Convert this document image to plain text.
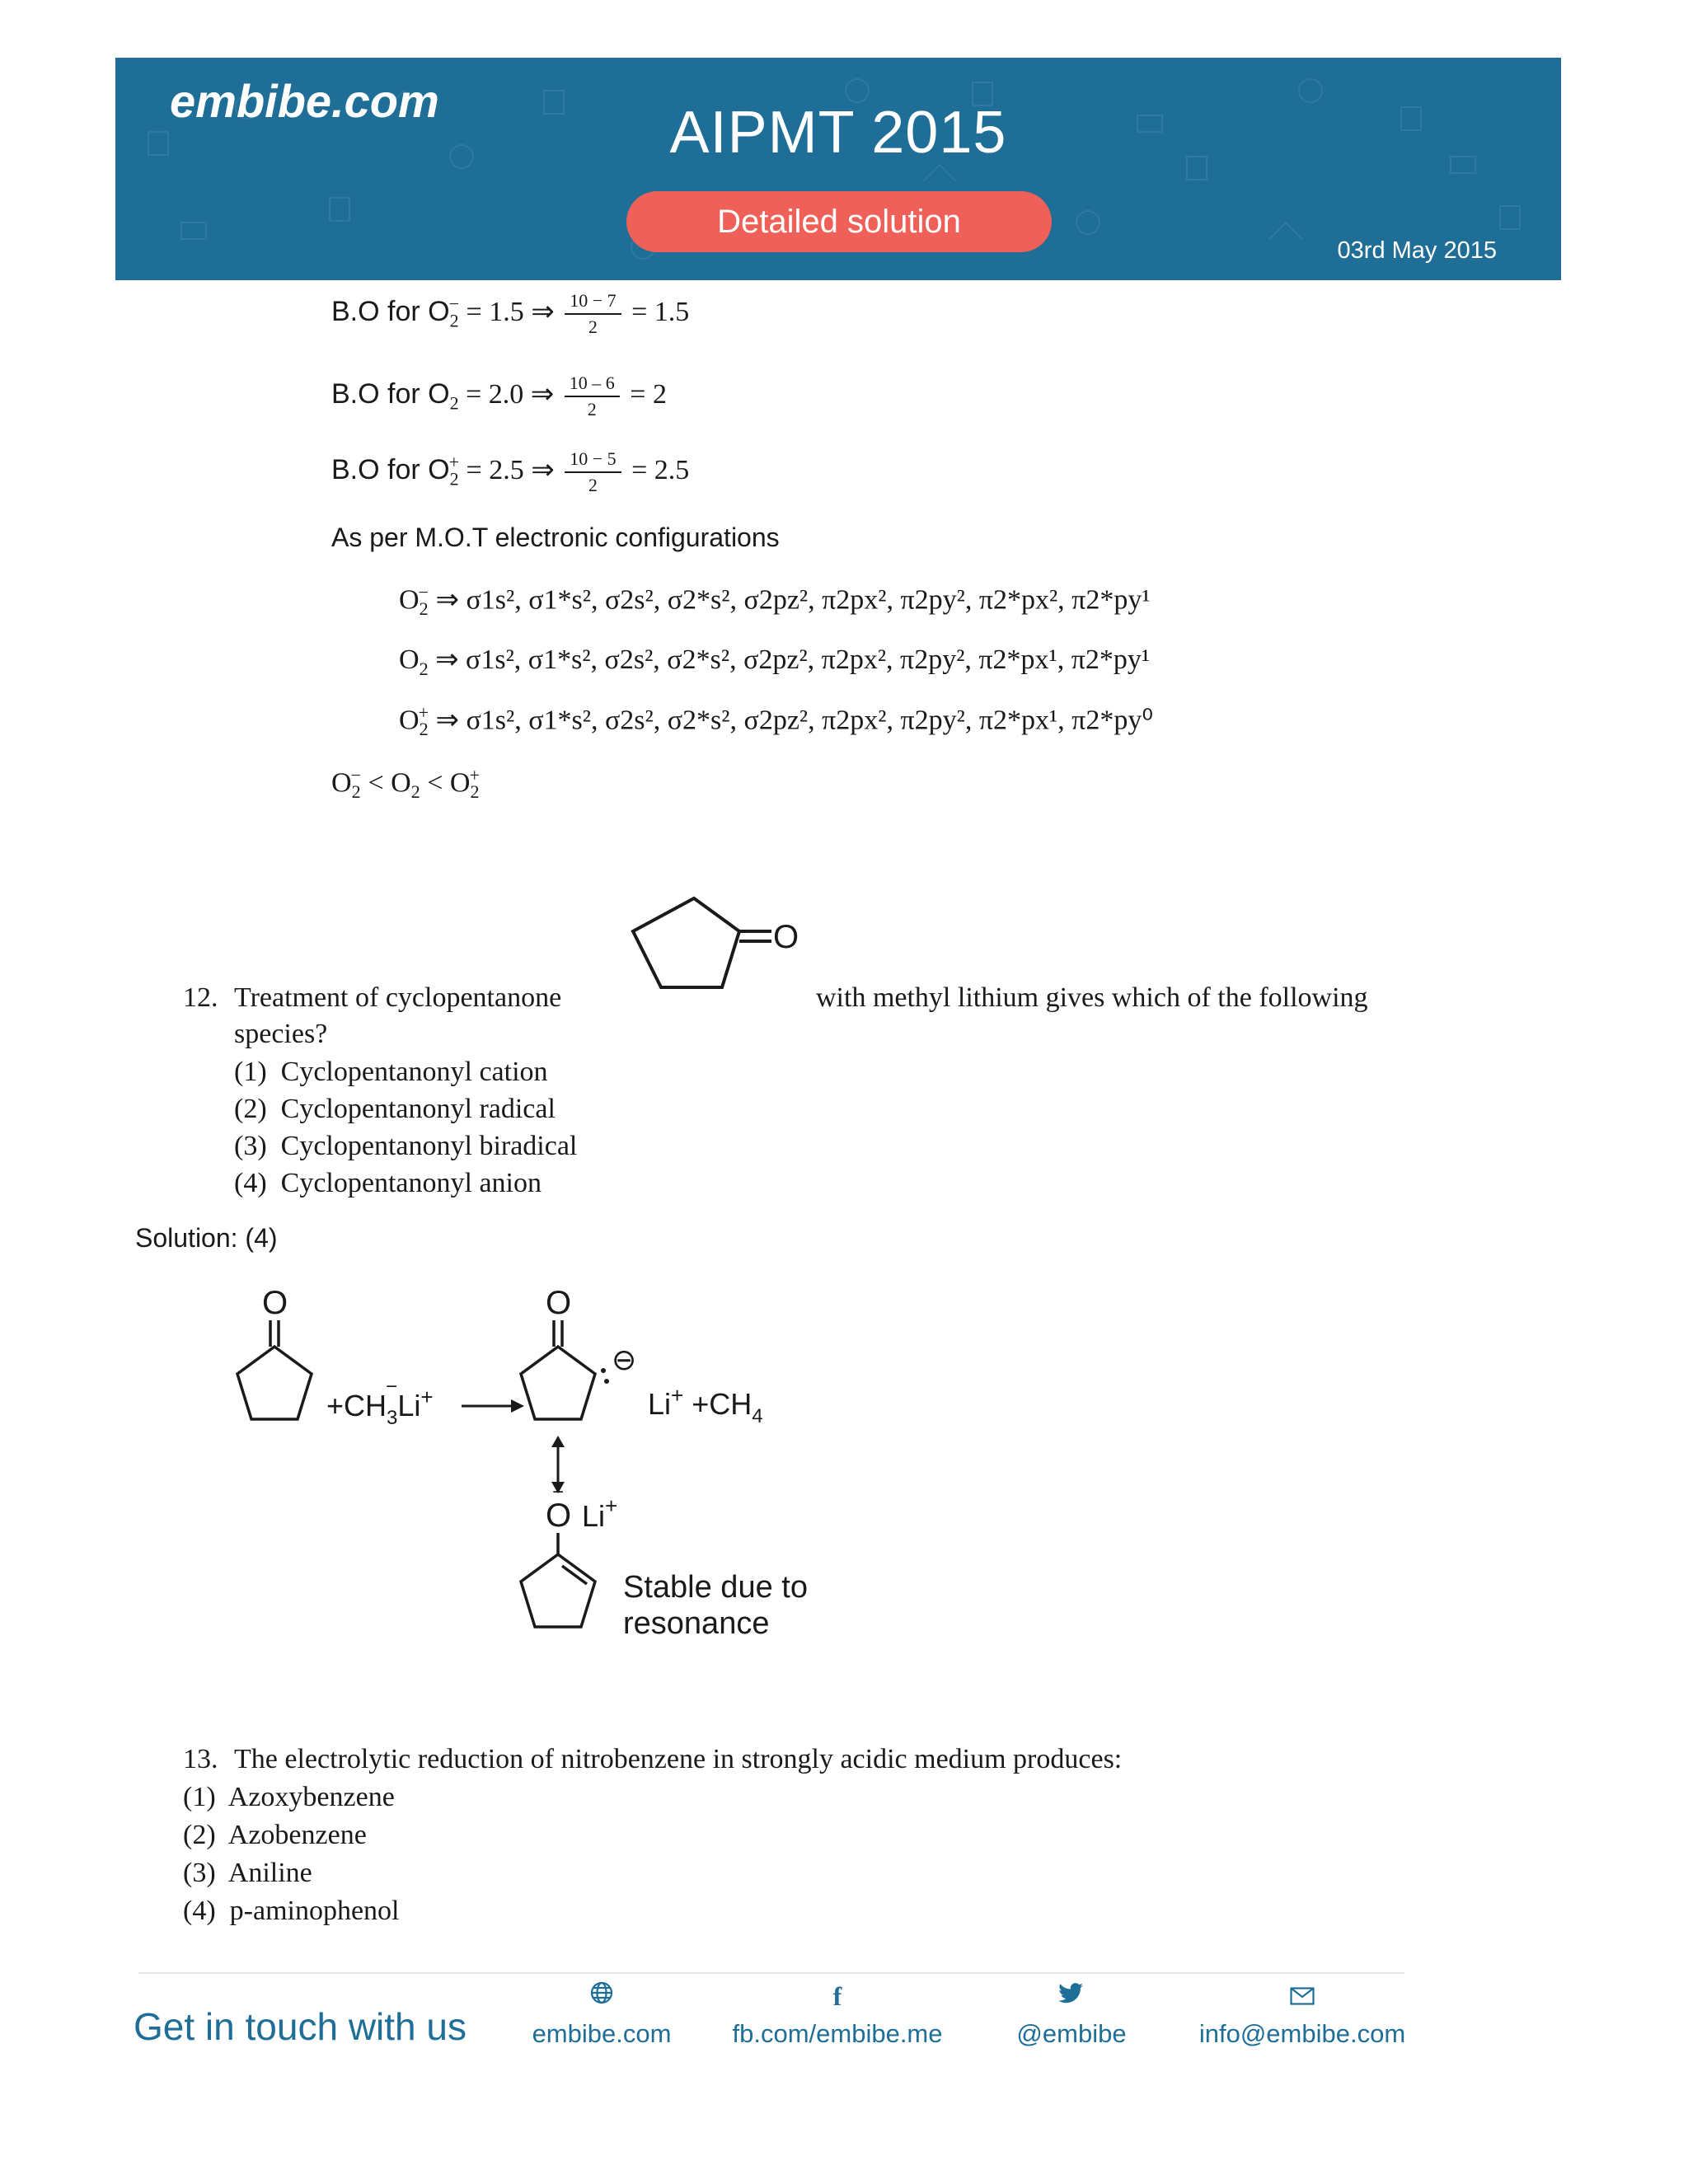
embibe.com	AIPMT 2015
Detailed solution
03rd May 2015
B.O for $O_2^- = 1.5$ ⇒ $\frac{10 - 7}{2} = 1.5$
B.O for $O_2 = 2.0$ ⇒ $\frac{10 - 6}{2} = 2$
B.O for $O_2^+ = 2.5$ ⇒ $\frac{10 - 5}{2} = 2.5$
As per M.O.T electronic configurations
$O_2^-$ ⇒ σ1s², σ1*s², σ2s², σ2*s², σ2pz², π2px², π2py², π2*px², π2*py¹
$O_2$ ⇒ σ1s², σ1*s², σ2s², σ2*s², σ2pz², π2px², π2py², π2*px¹, π2*py¹
$O_2^+$ ⇒ σ1s², σ1*s², σ2s², σ2*s², σ2pz², π2px², π2py², π2*px¹, π2*py⁰
$O_2^- < O_2 < O_2^+$
O
12. Treatment of cyclopentanone	with methyl lithium gives which of the following
species?
(1) Cyclopentanonyl cation
(2) Cyclopentanonyl radical
(3) Cyclopentanonyl biradical
(4) Cyclopentanonyl anion
Solution: (4)
O
$+CH_3Li^+$
−
O
⊖
$Li^+ +CH_4$
O
−
Li+
Stable due to
resonance
13. The electrolytic reduction of nitrobenzene in strongly acidic medium produces:
(1) Azoxybenzene
(2) Azobenzene
(3) Aniline
(4) p-aminophenol
Get in touch with us	embibe.com
f
fb.com/embibe.me	@embibe	info@embibe.com
